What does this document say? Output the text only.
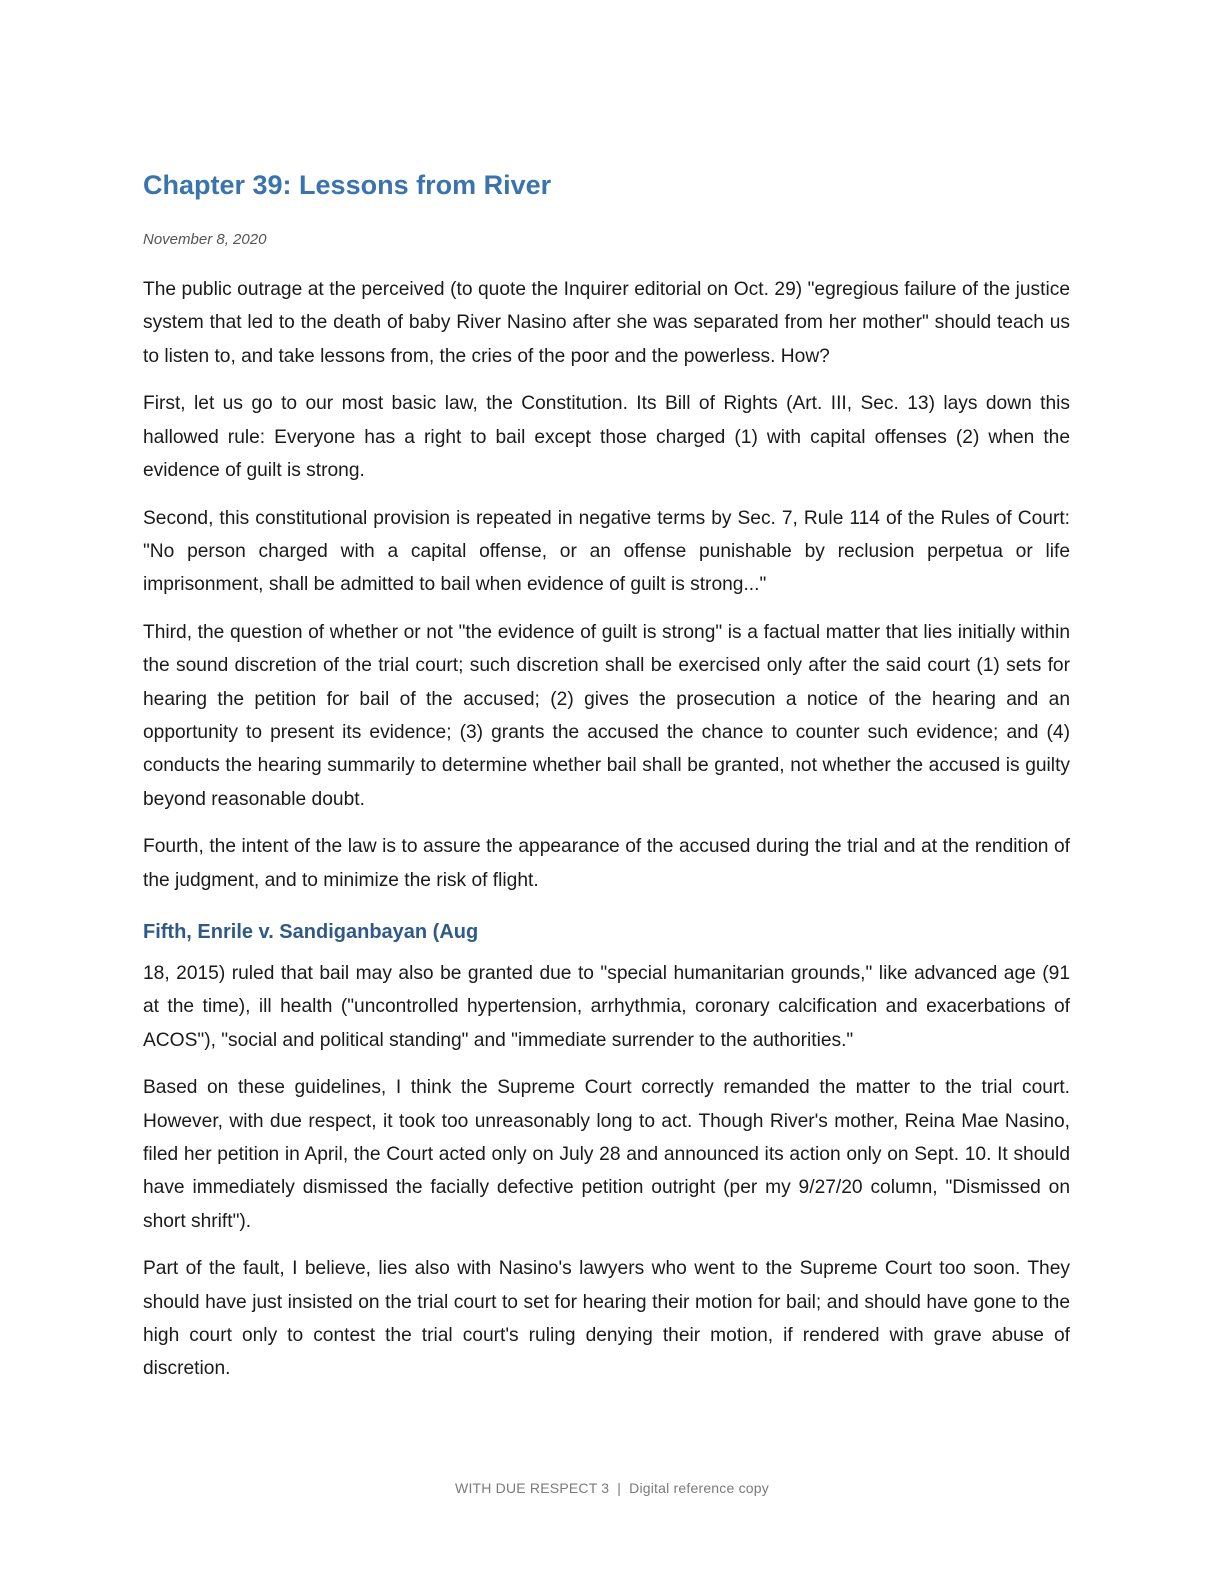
Chapter 39: Lessons from River

November 8, 2020

The public outrage at the perceived (to quote the Inquirer editorial on Oct. 29) "egregious failure of the justice system that led to the death of baby River Nasino after she was separated from her mother" should teach us to listen to, and take lessons from, the cries of the poor and the powerless. How?

First, let us go to our most basic law, the Constitution. Its Bill of Rights (Art. III, Sec. 13) lays down this hallowed rule: Everyone has a right to bail except those charged (1) with capital offenses (2) when the evidence of guilt is strong.

Second, this constitutional provision is repeated in negative terms by Sec. 7, Rule 114 of the Rules of Court: "No person charged with a capital offense, or an offense punishable by reclusion perpetua or life imprisonment, shall be admitted to bail when evidence of guilt is strong..."

Third, the question of whether or not "the evidence of guilt is strong" is a factual matter that lies initially within the sound discretion of the trial court; such discretion shall be exercised only after the said court (1) sets for hearing the petition for bail of the accused; (2) gives the prosecution a notice of the hearing and an opportunity to present its evidence; (3) grants the accused the chance to counter such evidence; and (4) conducts the hearing summarily to determine whether bail shall be granted, not whether the accused is guilty beyond reasonable doubt.

Fourth, the intent of the law is to assure the appearance of the accused during the trial and at the rendition of the judgment, and to minimize the risk of flight.

Fifth, Enrile v. Sandiganbayan (Aug

18, 2015) ruled that bail may also be granted due to "special humanitarian grounds," like advanced age (91 at the time), ill health ("uncontrolled hypertension, arrhythmia, coronary calcification and exacerbations of ACOS"), "social and political standing" and "immediate surrender to the authorities."

Based on these guidelines, I think the Supreme Court correctly remanded the matter to the trial court. However, with due respect, it took too unreasonably long to act. Though River's mother, Reina Mae Nasino, filed her petition in April, the Court acted only on July 28 and announced its action only on Sept. 10. It should have immediately dismissed the facially defective petition outright (per my 9/27/20 column, "Dismissed on short shrift").

Part of the fault, I believe, lies also with Nasino's lawyers who went to the Supreme Court too soon. They should have just insisted on the trial court to set for hearing their motion for bail; and should have gone to the high court only to contest the trial court's ruling denying their motion, if rendered with grave abuse of discretion.

WITH DUE RESPECT 3 | Digital reference copy
